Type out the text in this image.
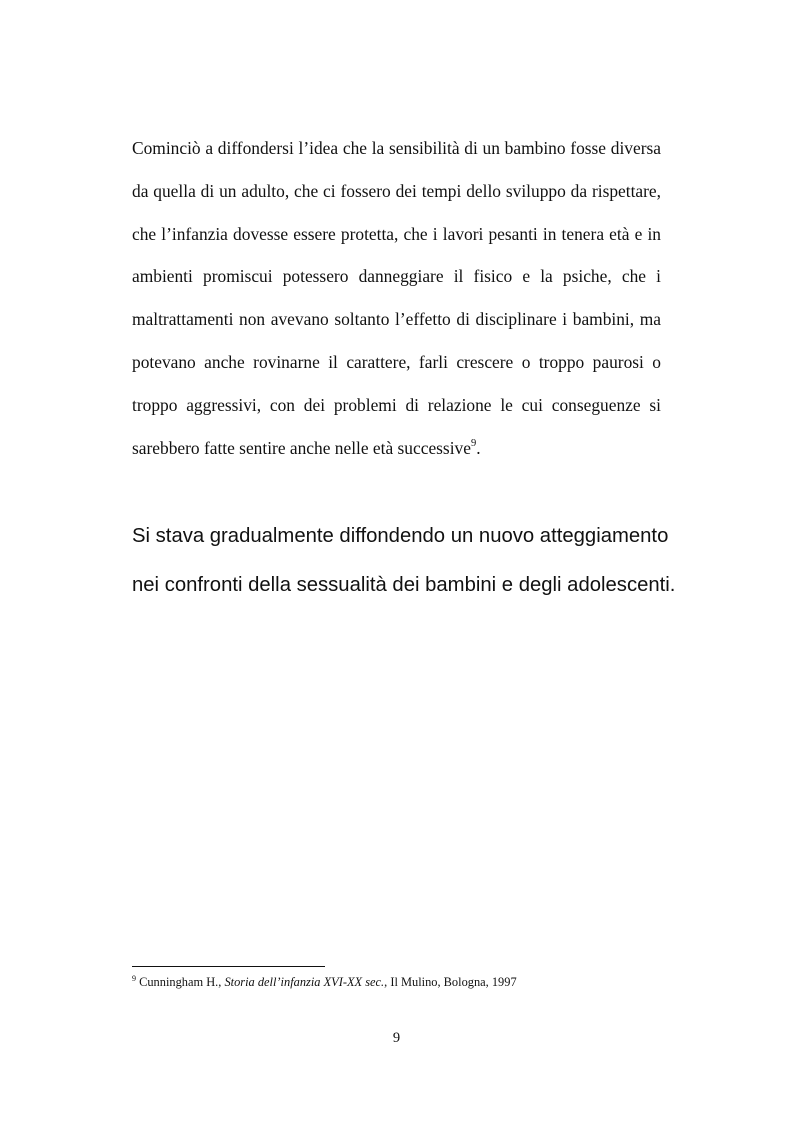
Cominciò a diffondersi l’idea che la sensibilità di un bambino fosse diversa da quella di un adulto, che ci fossero dei tempi dello sviluppo da rispettare, che l’infanzia dovesse essere protetta, che i lavori pesanti in tenera età e in ambienti promiscui potessero danneggiare il fisico e la psiche, che i maltrattamenti non avevano soltanto l’effetto di disciplinare i bambini, ma potevano anche rovinarne il carattere, farli crescere o troppo paurosi o troppo aggressivi, con dei problemi di relazione le cui conseguenze si sarebbero fatte sentire anche nelle età successive$^9$.

Si stava gradualmente diffondendo un nuovo atteggiamento
nei confronti della sessualità dei bambini e degli adolescenti.

$^9$ Cunningham H., Storia dell’infanzia XVI-XX sec., Il Mulino, Bologna, 1997

9
